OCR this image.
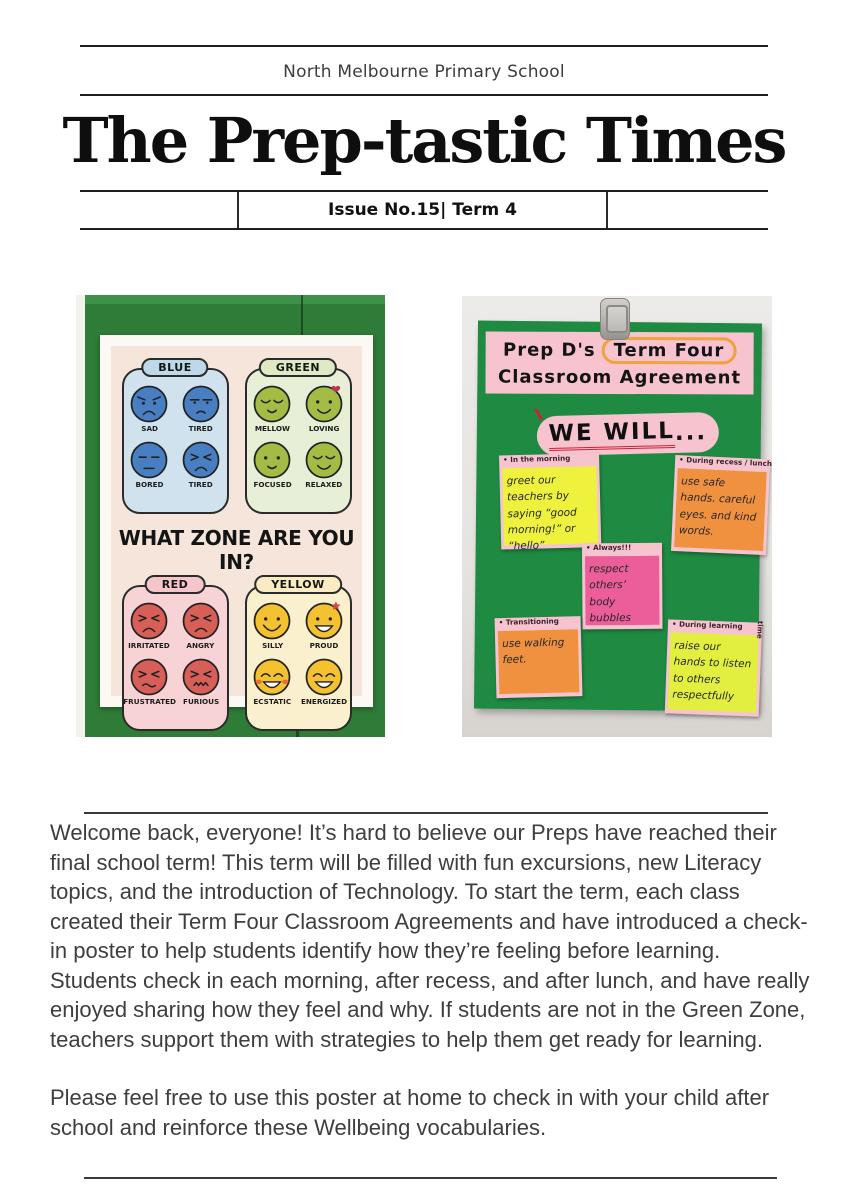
North Melbourne Primary School
The Prep-tastic Times
Issue No.15| Term 4
BLUE
SAD	TIRED
BORED	TIRED
GREEN
MELLOW LOVING
FOCUSED RELAXED
WHAT ZONE ARE YOU IN?
RED
IRRITATED ANGRY
FRUSTRATED FURIOUS
YELLOW
SILLY	PROUD
ECSTATIC ENERGIZED
Prep D's Term Four
Classroom Agreement
WE WILL ...
• In the morning
greet our teachers by saying “good morning!” or “hello”
• During recess / lunch
use safe hands. careful eyes. and kind words.
• Always!!!
respect others’ body bubbles
• Transitioning
use walking feet.
• During learning
raise our hands to listen to others respectfully
time

Welcome back, everyone! It’s hard to believe our Preps have reached their final school term! This term will be filled with fun excursions, new Literacy topics, and the introduction of Technology. To start the term, each class created their Term Four Classroom Agreements and have introduced a check-in poster to help students identify how they’re feeling before learning. Students check in each morning, after recess, and after lunch, and have really enjoyed sharing how they feel and why. If students are not in the Green Zone, teachers support them with strategies to help them get ready for learning.

Please feel free to use this poster at home to check in with your child after school and reinforce these Wellbeing vocabularies.
